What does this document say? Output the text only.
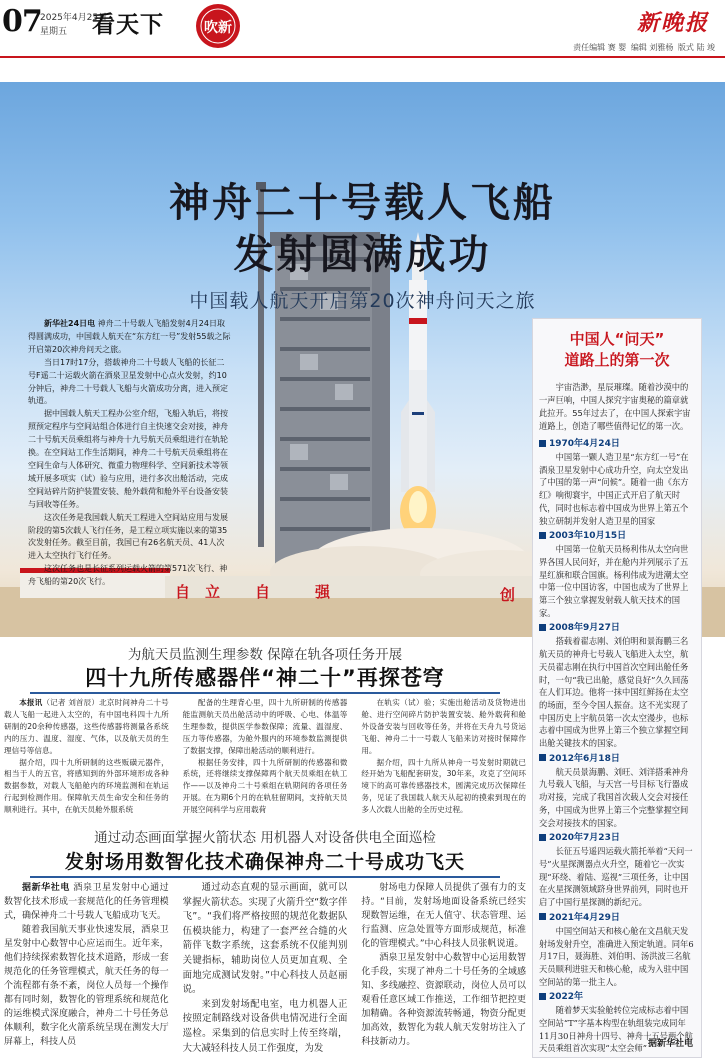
07
2025年4月25日
星期五 看天下	吹新	新晚报
责任编辑 赛 婴 编辑 刘雅杨 版式 陆 竣
自 立 自	强	创
神舟二十号载人飞船
发射圆满成功
中国载人航天开启第20次神舟问天之旅

新华社24日电 神舟二十号载人飞船发射4月24日取得圆满成功，中国载人航天在“东方红一号”发射55载之际开启第20次神舟问天之旅。

当日17时17分，搭载神舟二十号载人飞船的长征二号F遥二十运载火箭在酒泉卫星发射中心点火发射，约10分钟后，神舟二十号载人飞船与火箭成功分离，进入预定轨道。

据中国载人航天工程办公室介绍，飞船入轨后，将按照预定程序与空间站组合体进行自主快速交会对接，神舟二十号航天员乘组将与神舟十九号航天员乘组进行在轨轮换。在空间站工作生活期间，神舟二十号航天员乘组将在空间生命与人体研究、微重力物理科学、空间新技术等领域开展多项实（试）验与应用，进行多次出舱活动，完成空间站碎片防护装置安装、舱外载荷和舱外平台设备安装与回收等任务。

这次任务是我国载人航天工程进入空间站应用与发展阶段的第5次载人飞行任务，是工程立项实施以来的第35次发射任务。截至目前，我国已有26名航天员、41人次进入太空执行飞行任务。

这次任务也是长征系列运载火箭的第571次飞行、神舟飞船的第20次飞行。

中国人“问天”
道路上的第一次

宇宙浩渺，星辰璀璨。随着沙漠中的一声巨响，中国人探究宇宙奥秘的篇章就此拉开。55年过去了，在中国人探索宇宙道路上，创造了哪些值得记忆的第一次。

1970年4月24日

中国第一颗人造卫星“东方红一号”在酒泉卫星发射中心成功升空，向太空发出了中国的第一声“问候”。随着一曲《东方红》响彻寰宇，中国正式开启了航天时代，同时也标志着中国成为世界上第五个独立研制并发射人造卫星的国家

2003年10月15日

中国第一位航天员杨利伟从太空向世界各国人民问好，并在舱内并列展示了五星红旗和联合国旗。杨利伟成为进潮太空中第一位中国访客，中国也成为了世界上第三个独立掌握发射载人航天技术的国家。

2008年9月27日

搭载着翟志刚、刘伯明和景海鹏三名航天员的神舟七号载人飞船进入太空，航天员翟志刚在执行中国首次空间出舱任务时，一句“我已出舱，感觉良好”久久回荡在人们耳边。他将一抹中国红鲜扬在太空的场面，至今令国人振奋。这不光实现了中国历史上宇航员第一次太空漫步，也标志着中国成为世界上第三个独立掌握空间出舱关键技术的国家。

2012年6月18日

航天员景海鹏、刘旺、刘洋搭乘神舟九号载人飞船，与天宫一号目标飞行器成功对接，完成了我国首次载人交会对接任务，中国成为世界上第三个完整掌握空间交会对接技术的国家。

2020年7月23日

长征五号遥四运载火箭托举着“天问一号”火星探测器点火升空，随着它一次实现“环绕、着陆、巡视”三项任务，让中国在火星探测领域跻身世界前列，同时也开启了中国行星探测的新纪元。

2021年4月29日

中国空间站天和核心舱在文昌航天发射场发射升空，准确进入预定轨道。同年6月17日，聂海胜、刘伯明、汤洪波三名航天员顺利进驻天和核心舱，成为入驻中国空间站的第一批主人。

2022年

随着梦天实验舱转位完成标志着中国空间站“T”字基本构型在轨组装完成同年11月30日神舟十四号、神舟十五号两个航天员乘组首次实现“太空会师” 据新华社电
为航天员监测生理参数 保障在轨各项任务开展
四十九所传感器伴“神二十”再探苍穹

本报讯（记者 刘首辰）北京时间神舟二十号载人飞船一起进入太空的，有中国电科四十九所研制的20余种传感器，这些传感器将测量各系统内的压力、温度、湿度、气体，以及航天员的生理信号等信息。

据介绍，四十九所研制的这些贩磺元器件，相当于人的五官，将感知到的外部环境形成各种数据参数，对载人飞船舱内的环境监测和在轨运行起到检测作用。保障航天员生命安全和任务的顺利进行。其中，在航天员舱外服系统

配备的生理背心里，四十九所研制的传感器能监测航天员出舱活动中的呼吸、心电、体温等生理参数，提供医学参数保障；流量、温湿度、压力等传感器，为舱外服内的环境参数监测提供了数据支撑，保障出舱活动的顺利进行。

根据任务安排，四十九所研制的传感器和微系统，还将继续支撑保障两个航天员乘组在轨工作——以及神舟二十号乘组在轨期间的各项任务开展。在为期6个月的在轨驻留期间，支持航天员开展空间科学与应用载荷

在轨实（试）验；实施出舱活动及货物进出舱、进行空间碎片防护装置安装、舱外载荷和舱外设备安装与回收等任务，并将在天舟九号货运飞船、神舟二十一号载人飞船来访对接时保障作用。

据介绍，四十九所从神舟一号发射时期就已经开始为飞船配套研发，30年来，攻克了空间环境下的高可靠传感器技术，圆满完成历次保障任务，见证了我国载人航天从起初的摸索到现在的多人次载人出舱的全历史过程。

通过动态画面掌握火箭状态 用机器人对设备供电全面巡检
发射场用数智化技术确保神舟二十号成功飞天

据新华社电 酒泉卫星发射中心通过数智化技术形成一套规范化的任务管理模式，确保神舟二十号载人飞船成功飞天。

随着我国航天事业快速发展，酒泉卫星发射中心数智中心应运而生。近年来，他们持续探索数智化技术道路，形成一套规范化的任务管理模式，航天任务的每一个流程都有条不紊，岗位人员每一个操作都有同时刻，数智化的管理系统和规范化的运维模式深度融合，神舟二十号任务总体顺利，数字化火箭系统呈现在测发大厅屏幕上，科技人员

通过动态直观的显示画面，就可以掌握火箭状态。实现了火箭升空“数字伴飞”。“我们将严格按照的规范化数据队伍模块能力，构建了一套严丝合缝的火箭伴飞数字系统，这套系统不仅能判别关键指标，辅助岗位人员更加直观、全面地完成测试发射。”中心科技人员赵丽说。

来到发射场配电室，电力机器人正按照定制路线对设备供电情况进行全面巡检。采集到的信息实时上传至终端，大大减轻科技人员工作强度，为发

射场电力保障人员提供了强有力的支持。“目前，发射场地面设备系统已经实现数智运维，在无人值守、状态管理、运行监测、应急处置等方面形成规范，标准化的管理模式。”中心科技人员张帆说道。

酒泉卫星发射中心数智中心运用数智化手段，实现了神舟二十号任务的全域感知、多线融控、资源联动，岗位人员可以观看任意区域工作推送，工作细节把控更加精确。各种资源流转畅通，物资分配更加高效，数智化为载人航天发射坊注入了科技新动力。
